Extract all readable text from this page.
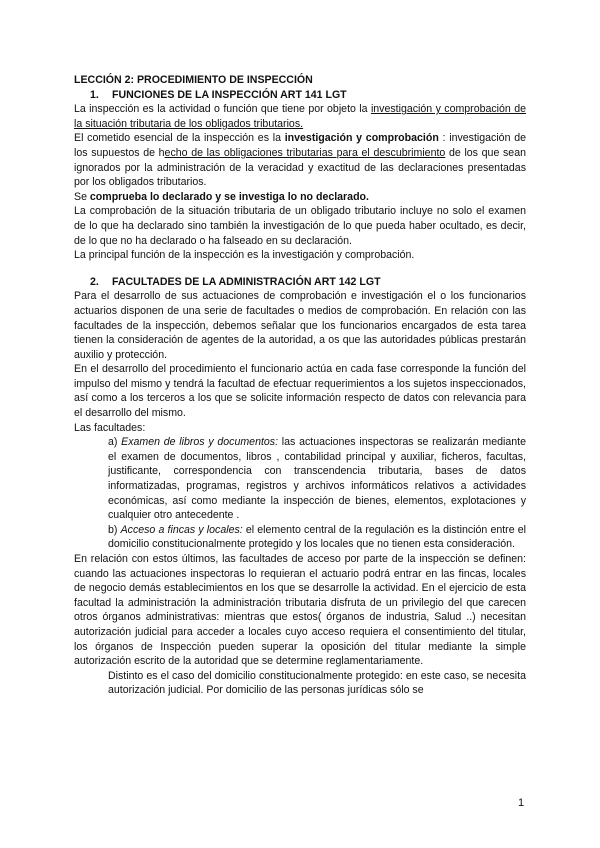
LECCIÓN 2: PROCEDIMIENTO DE INSPECCIÓN
1.	FUNCIONES DE LA INSPECCIÓN ART 141 LGT
La inspección es la actividad o función que tiene por objeto la investigación y comprobación de la situación tributaria de los obligados tributarios.
El cometido esencial de la inspección es la investigación y comprobación : investigación de los supuestos de hecho de las obligaciones tributarias para el descubrimiento de los que sean ignorados por la administración de la veracidad y exactitud de las declaraciones presentadas por los obligados tributarios.
Se comprueba lo declarado y se investiga lo no declarado.
La comprobación de la situación tributaria de un obligado tributario incluye no solo el examen de lo que ha declarado sino también la investigación de lo que pueda haber ocultado, es decir, de lo que no ha declarado o ha falseado en su declaración.
La principal función de la inspección es la investigación y comprobación.
2.	FACULTADES DE LA ADMINISTRACIÓN ART 142 LGT
Para el desarrollo de sus actuaciones de comprobación e investigación el o los funcionarios actuarios disponen de una serie de facultades o medios de comprobación. En relación con las facultades de la inspección, debemos señalar que los funcionarios encargados de esta tarea tienen la consideración de agentes de la autoridad, a os que las autoridades públicas prestarán auxilio y protección.
En el desarrollo del procedimiento el funcionario actúa en cada fase corresponde la función del impulso del mismo y tendrá la facultad de efectuar requerimientos a los sujetos inspeccionados, así como a los terceros a los que se solicite información respecto de datos con relevancia para el desarrollo del mismo.
Las facultades:
a) Examen de libros y documentos: las actuaciones inspectoras se realizarán mediante el examen de documentos, libros , contabilidad principal y auxiliar, ficheros, facultas, justificante, correspondencia con transcendencia tributaria, bases de datos informatizadas, programas, registros y archivos informáticos relativos a actividades económicas, así como mediante la inspección de bienes, elementos, explotaciones y cualquier otro antecedente .
b) Acceso a fincas y locales: el elemento central de la regulación es la distinción entre el domicilio constitucionalmente protegido y los locales que no tienen esta consideración.
En relación con estos últimos, las facultades de acceso por parte de la inspección se definen: cuando las actuaciones inspectoras lo requieran el actuario podrá entrar en las fincas, locales de negocio demás establecimientos en los que se desarrolle la actividad. En el ejercicio de esta facultad la administración la administración tributaria disfruta de un privilegio del que carecen otros órganos administrativas: mientras que estos( órganos de industria, Salud ..) necesitan autorización judicial para acceder a locales cuyo acceso requiera el consentimiento del titular, los órganos de Inspección pueden superar la oposición del titular mediante la simple autorización escrito de la autoridad que se determine reglamentariamente.
Distinto es el caso del domicilio constitucionalmente protegido: en este caso, se necesita autorización judicial. Por domicilio de las personas jurídicas sólo se
1
